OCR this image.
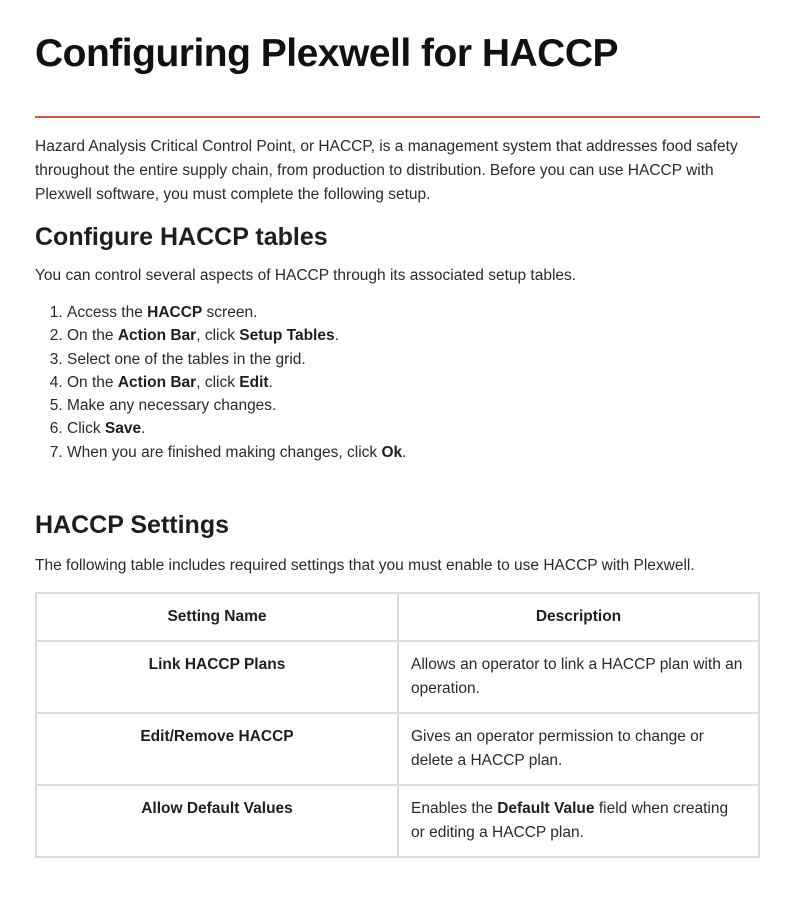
Configuring Plexwell for HACCP

Hazard Analysis Critical Control Point, or HACCP, is a management system that addresses food safety throughout the entire supply chain, from production to distribution. Before you can use HACCP with Plexwell software, you must complete the following setup.

Configure HACCP tables

You can control several aspects of HACCP through its associated setup tables.

1. Access the HACCP screen.
2. On the Action Bar, click Setup Tables.
3. Select one of the tables in the grid.
4. On the Action Bar, click Edit.
5. Make any necessary changes.
6. Click Save.
7. When you are finished making changes, click Ok.
HACCP Settings

The following table includes required settings that you must enable to use HACCP with Plexwell.

Setting Name	Description
Link HACCP Plans	Allows an operator to link a HACCP plan with an operation.
Edit/Remove HACCP	Gives an operator permission to change or delete a HACCP plan.
Allow Default Values	Enables the Default Value field when creating or editing a HACCP plan.
